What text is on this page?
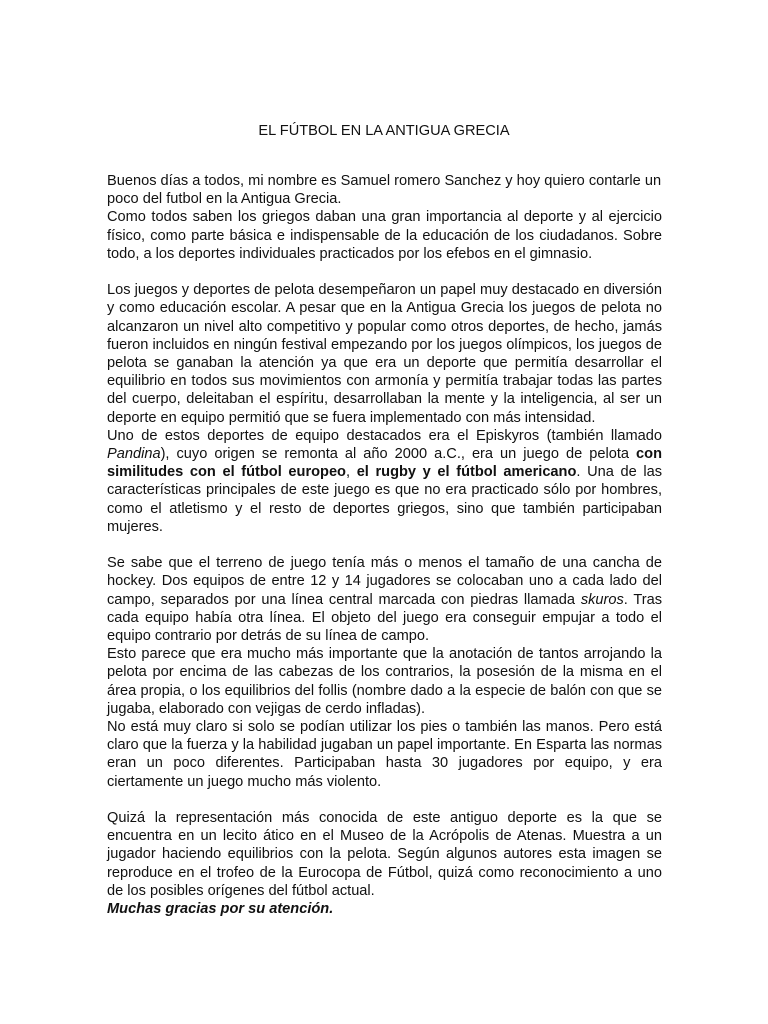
EL FÚTBOL EN LA ANTIGUA GRECIA

Buenos días a todos, mi nombre es Samuel romero Sanchez y hoy quiero contarle un poco del futbol en la Antigua Grecia.

Como todos saben los griegos daban una gran importancia al deporte y al ejercicio físico, como parte básica e indispensable de la educación de los ciudadanos. Sobre todo, a los deportes individuales practicados por los efebos en el gimnasio.

Los juegos y deportes de pelota desempeñaron un papel muy destacado en diversión y como educación escolar. A pesar que en la Antigua Grecia los juegos de pelota no alcanzaron un nivel alto competitivo y popular como otros deportes, de hecho, jamás fueron incluidos en ningún festival empezando por los juegos olímpicos, los juegos de pelota se ganaban la atención ya que era un deporte que permitía desarrollar el equilibrio en todos sus movimientos con armonía y permitía trabajar todas las partes del cuerpo, deleitaban el espíritu, desarrollaban la mente y la inteligencia, al ser un deporte en equipo permitió que se fuera implementado con más intensidad.

Uno de estos deportes de equipo destacados era el Episkyros (también llamado Pandina), cuyo origen se remonta al año 2000 a.C., era un juego de pelota con similitudes con el fútbol europeo, el rugby y el fútbol americano. Una de las características principales de este juego es que no era practicado sólo por hombres, como el atletismo y el resto de deportes griegos, sino que también participaban mujeres.

Se sabe que el terreno de juego tenía más o menos el tamaño de una cancha de hockey. Dos equipos de entre 12 y 14 jugadores se colocaban uno a cada lado del campo, separados por una línea central marcada con piedras llamada skuros. Tras cada equipo había otra línea. El objeto del juego era conseguir empujar a todo el equipo contrario por detrás de su línea de campo.

Esto parece que era mucho más importante que la anotación de tantos arrojando la pelota por encima de las cabezas de los contrarios, la posesión de la misma en el área propia, o los equilibrios del follis (nombre dado a la especie de balón con que se jugaba, elaborado con vejigas de cerdo infladas).

No está muy claro si solo se podían utilizar los pies o también las manos. Pero está claro que la fuerza y la habilidad jugaban un papel importante. En Esparta las normas eran un poco diferentes. Participaban hasta 30 jugadores por equipo, y era ciertamente un juego mucho más violento.

Quizá la representación más conocida de este antiguo deporte es la que se encuentra en un lecito ático en el Museo de la Acrópolis de Atenas. Muestra a un jugador haciendo equilibrios con la pelota. Según algunos autores esta imagen se reproduce en el trofeo de la Eurocopa de Fútbol, quizá como reconocimiento a uno de los posibles orígenes del fútbol actual.

Muchas gracias por su atención.
